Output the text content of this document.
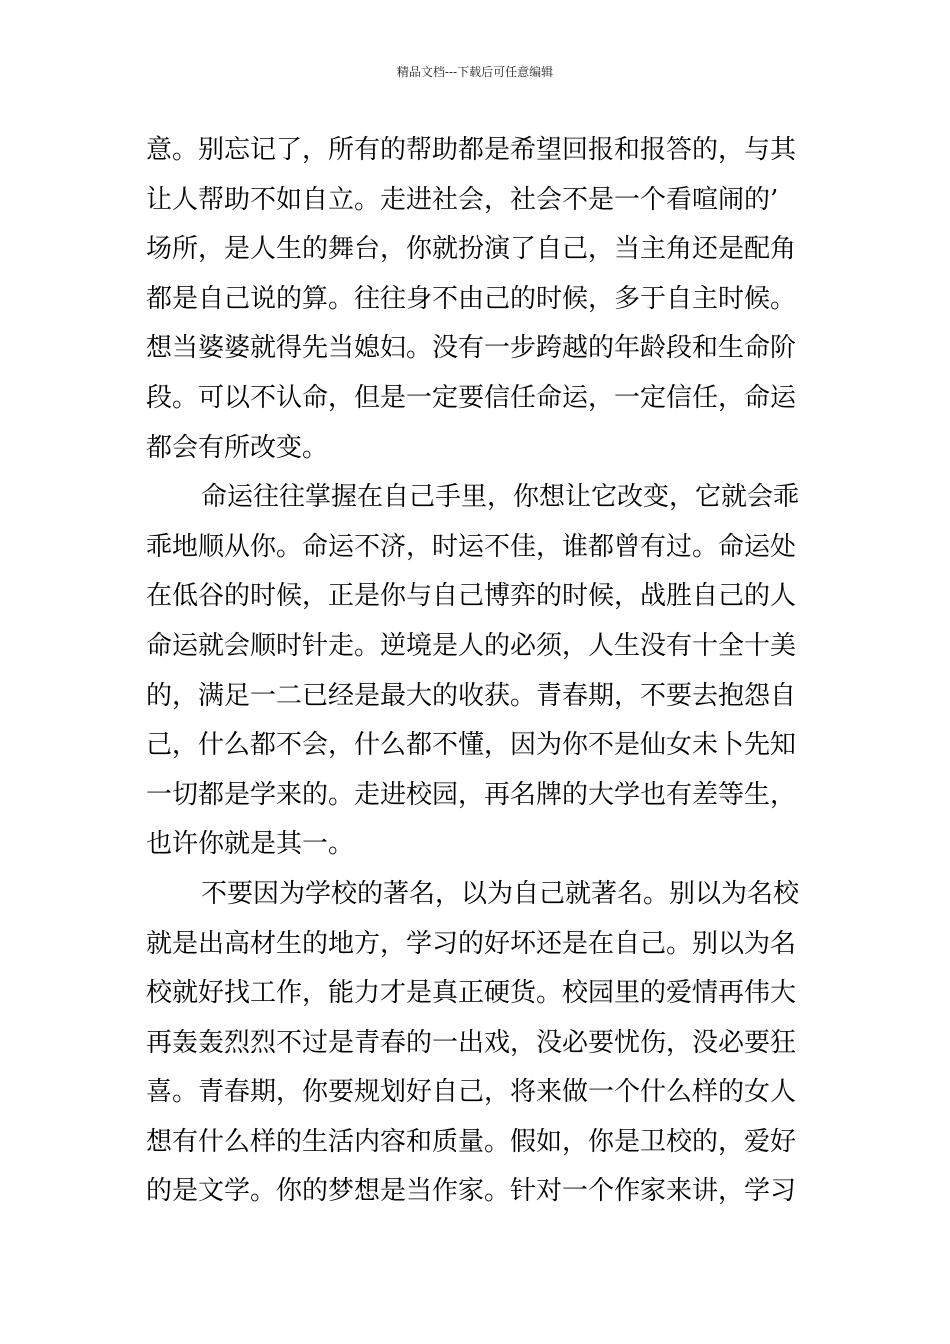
精品文档---下载后可任意编辑
意。别忘记了，所有的帮助都是希望回报和报答的，与其
让人帮助不如自立。走进社会，社会不是一个看喧闹的’
场所，是人生的舞台，你就扮演了自己，当主角还是配角
都是自己说的算。往往身不由己的时候，多于自主时候。
想当婆婆就得先当媳妇。没有一步跨越的年龄段和生命阶
段。可以不认命，但是一定要信任命运，一定信任，命运
都会有所改变。
命运往往掌握在自己手里，你想让它改变，它就会乖
乖地顺从你。命运不济，时运不佳，谁都曾有过。命运处
在低谷的时候，正是你与自己博弈的时候，战胜自己的人
命运就会顺时针走。逆境是人的必须，人生没有十全十美
的，满足一二已经是最大的收获。青春期，不要去抱怨自
己，什么都不会，什么都不懂，因为你不是仙女未卜先知
一切都是学来的。走进校园，再名牌的大学也有差等生，
也许你就是其一。
不要因为学校的著名，以为自己就著名。别以为名校
就是出高材生的地方，学习的好坏还是在自己。别以为名
校就好找工作，能力才是真正硬货。校园里的爱情再伟大
再轰轰烈烈不过是青春的一出戏，没必要忧伤，没必要狂
喜。青春期，你要规划好自己，将来做一个什么样的女人
想有什么样的生活内容和质量。假如，你是卫校的，爱好
的是文学。你的梦想是当作家。针对一个作家来讲，学习
